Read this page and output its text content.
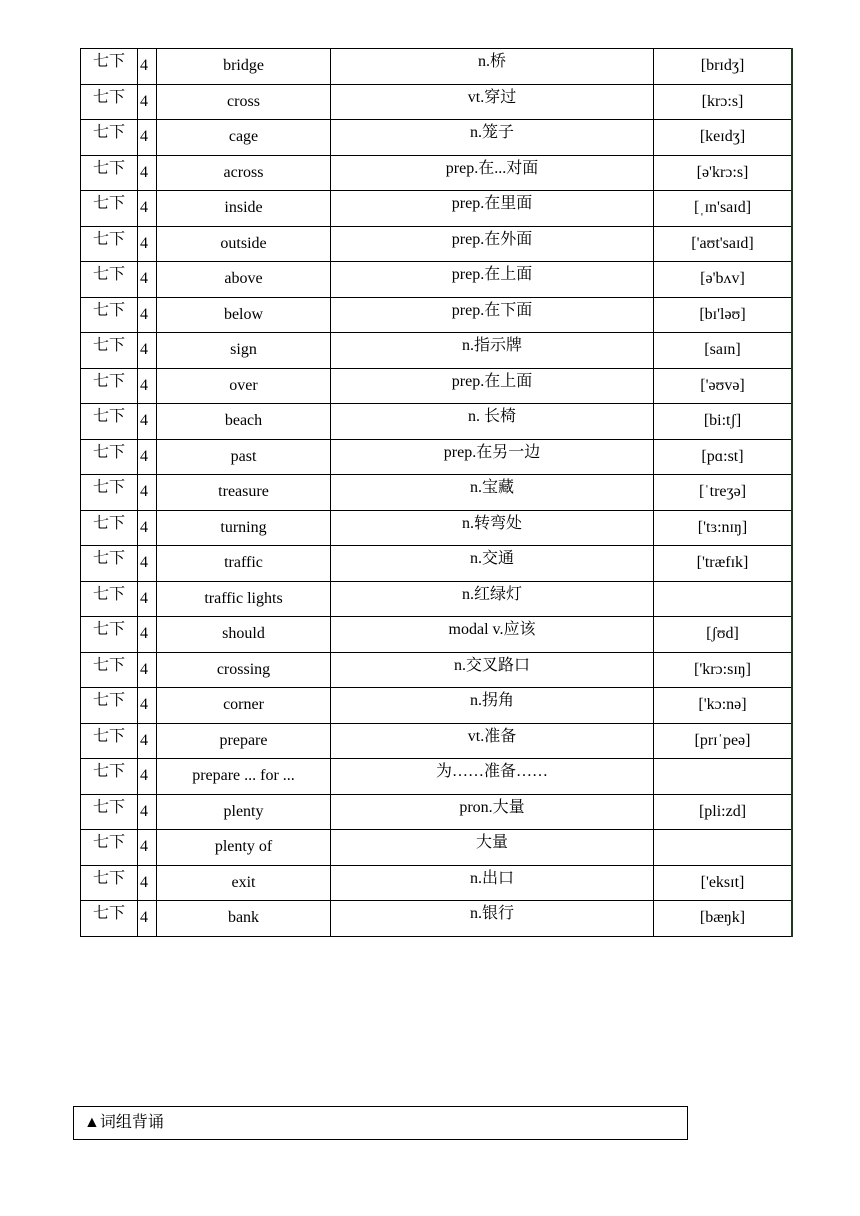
七下	4	bridge	n.桥	[brɪdʒ]
七下	4	cross	vt.穿过	[krɔ:s]
七下	4	cage	n.笼子	[keɪdʒ]
七下	4	across	prep.在...对面	[ə'krɔ:s]
七下	4	inside	prep.在里面	[ˌɪn'saɪd]
七下	4	outside	prep.在外面	['aʊt'saɪd]
七下	4	above	prep.在上面	[ə'bʌv]
七下	4	below	prep.在下面	[bɪ'ləʊ]
七下	4	sign	n.指示牌	[saɪn]
七下	4	over	prep.在上面	['əʊvə]
七下	4	beach	n. 长椅	[bi:tʃ]
七下	4	past	prep.在另一边	[pɑ:st]
七下	4	treasure	n.宝藏	[ˈtreʒə]
七下	4	turning	n.转弯处	['tɜ:nɪŋ]
七下	4	traffic	n.交通	['træfɪk]
七下	4	traffic lights	n.红绿灯	
七下	4	should	modal v.应该	[ʃʊd]
七下	4	crossing	n.交叉路口	['krɔ:sɪŋ]
七下	4	corner	n.拐角	['kɔ:nə]
七下	4	prepare	vt.准备	[prɪˈpeə]
七下	4	prepare ... for ...	为……准备……	
七下	4	plenty	pron.大量	[pli:zd]
七下	4	plenty of	大量	
七下	4	exit	n.出口	['eksɪt]
七下	4	bank	n.银行	[bæŋk]
▲词组背诵
